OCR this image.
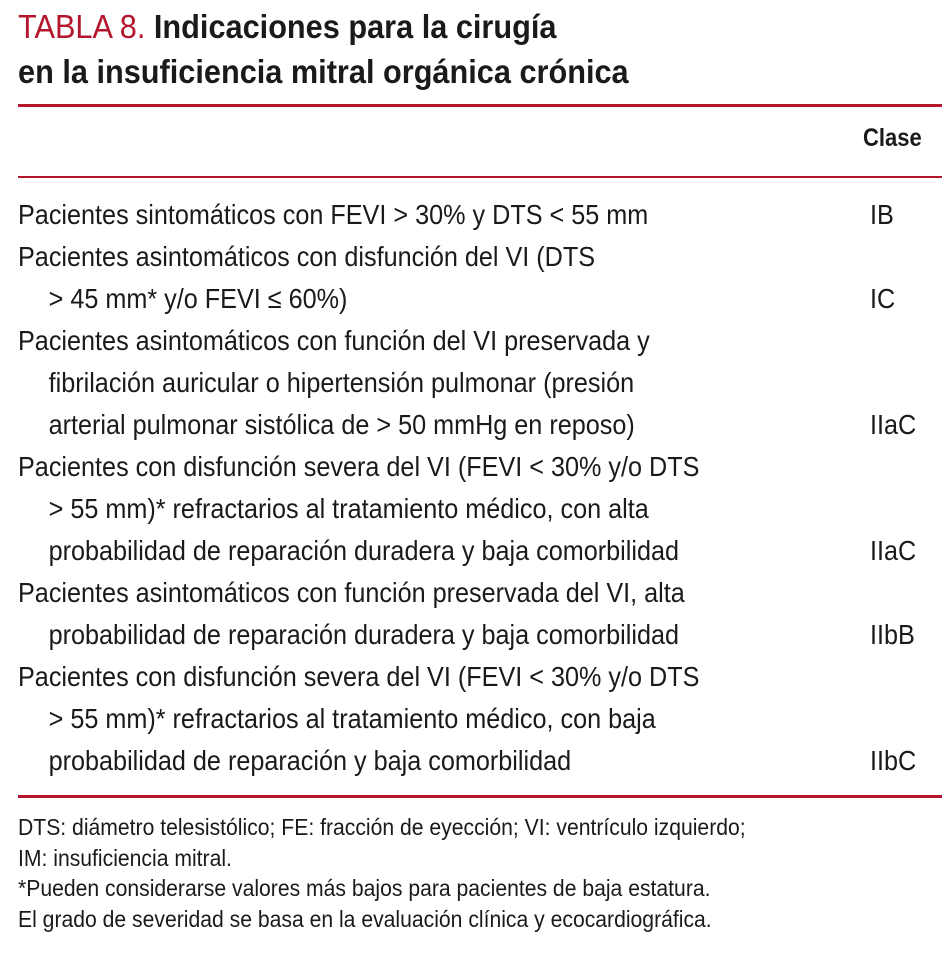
TABLA 8. Indicaciones para la cirugía
en la insuficiencia mitral orgánica crónica
Clase
Pacientes sintomáticos con FEVI > 30% y DTS < 55 mm	IB
Pacientes asintomáticos con disfunción del VI (DTS
> 45 mm* y/o FEVI ≤ 60%)	IC
Pacientes asintomáticos con función del VI preservada y
fibrilación auricular o hipertensión pulmonar (presión
arterial pulmonar sistólica de > 50 mmHg en reposo)	IIaC
Pacientes con disfunción severa del VI (FEVI < 30% y/o DTS
> 55 mm)* refractarios al tratamiento médico, con alta
probabilidad de reparación duradera y baja comorbilidad	IIaC
Pacientes asintomáticos con función preservada del VI, alta
probabilidad de reparación duradera y baja comorbilidad	IIbB
Pacientes con disfunción severa del VI (FEVI < 30% y/o DTS
> 55 mm)* refractarios al tratamiento médico, con baja
probabilidad de reparación y baja comorbilidad	IIbC

DTS: diámetro telesistólico; FE: fracción de eyección; VI: ventrículo izquierdo;

IM: insuficiencia mitral.

*Pueden considerarse valores más bajos para pacientes de baja estatura.

El grado de severidad se basa en la evaluación clínica y ecocardiográfica.
